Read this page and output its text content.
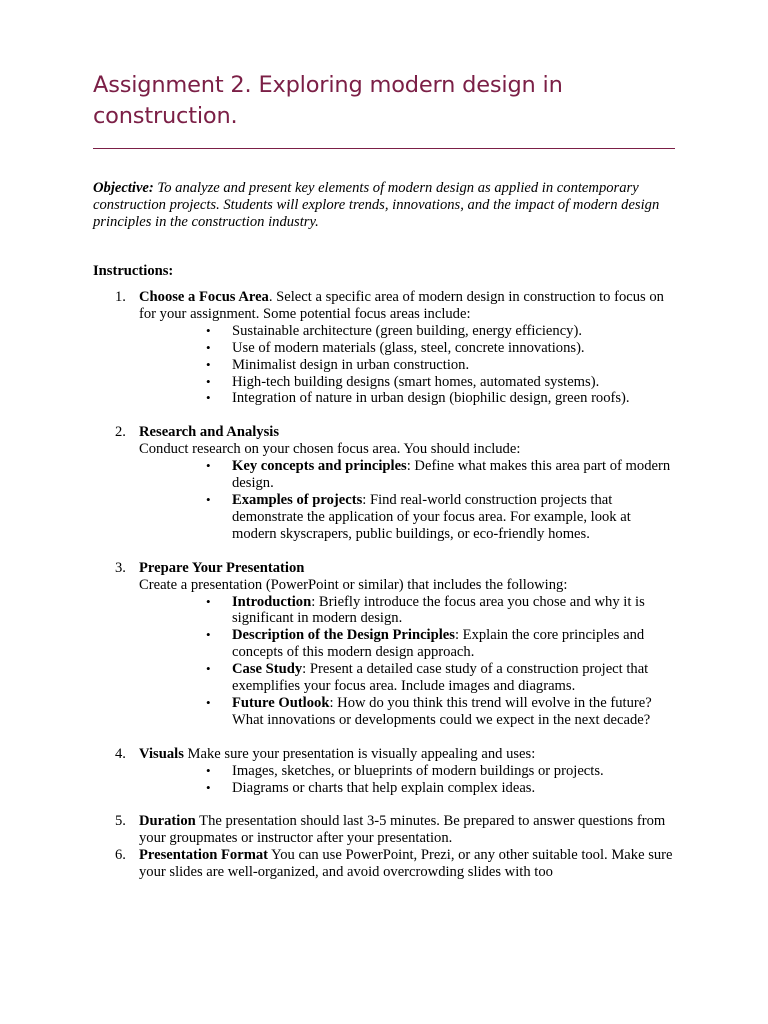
Assignment 2. Exploring modern design in construction.

Objective: To analyze and present key elements of modern design as applied in contemporary construction projects. Students will explore trends, innovations, and the impact of modern design principles in the construction industry.

Instructions:

1. Choose a Focus Area. Select a specific area of modern design in construction to focus on for your assignment. Some potential focus areas include:
• Sustainable architecture (green building, energy efficiency).
• Use of modern materials (glass, steel, concrete innovations).
• Minimalist design in urban construction.
• High-tech building designs (smart homes, automated systems).
• Integration of nature in urban design (biophilic design, green roofs).
2. Research and Analysis
Conduct research on your chosen focus area. You should include:
• Key concepts and principles: Define what makes this area part of modern design.
• Examples of projects: Find real-world construction projects that demonstrate the application of your focus area. For example, look at modern skyscrapers, public buildings, or eco-friendly homes.
3. Prepare Your Presentation
Create a presentation (PowerPoint or similar) that includes the following:
• Introduction: Briefly introduce the focus area you chose and why it is significant in modern design.
• Description of the Design Principles: Explain the core principles and concepts of this modern design approach.
• Case Study: Present a detailed case study of a construction project that exemplifies your focus area. Include images and diagrams.
• Future Outlook: How do you think this trend will evolve in the future? What innovations or developments could we expect in the next decade?
4. Visuals Make sure your presentation is visually appealing and uses:
• Images, sketches, or blueprints of modern buildings or projects.
• Diagrams or charts that help explain complex ideas.
5. Duration The presentation should last 3-5 minutes. Be prepared to answer questions from your groupmates or instructor after your presentation.
6. Presentation Format You can use PowerPoint, Prezi, or any other suitable tool. Make sure your slides are well-organized, and avoid overcrowding slides with too
